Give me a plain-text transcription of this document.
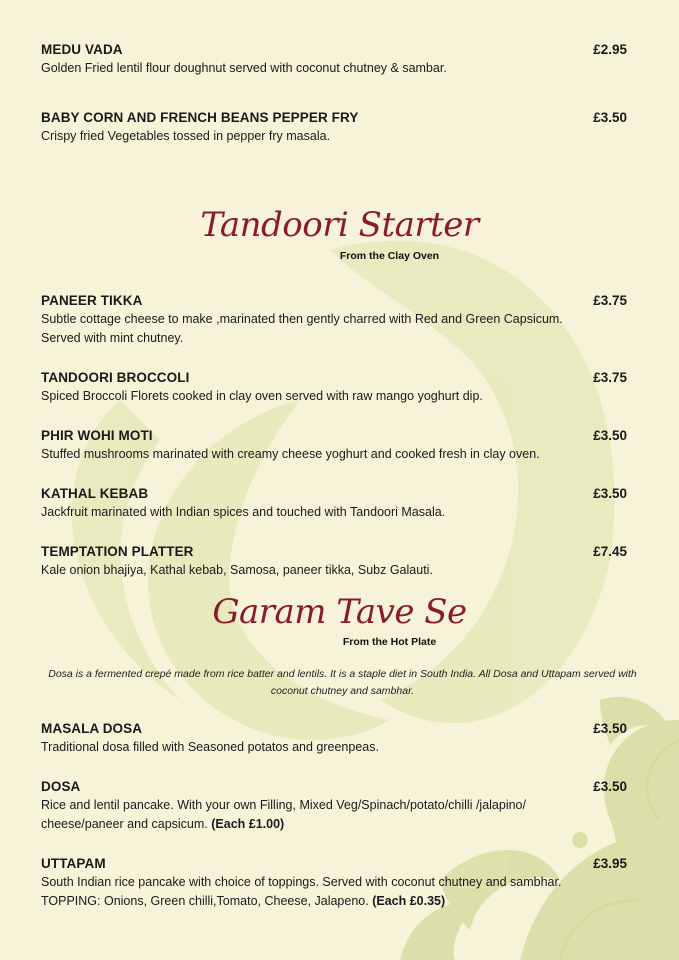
MEDU VADA	£2.95
Golden Fried lentil flour doughnut served with coconut chutney & sambar.
BABY CORN AND FRENCH BEANS PEPPER FRY	£3.50
Crispy fried Vegetables tossed in pepper fry masala.
Tandoori Starter
From the Clay Oven
PANEER TIKKA	£3.75
Subtle cottage cheese to make ,marinated then gently charred with Red and Green Capsicum.
Served with mint chutney.
TANDOORI BROCCOLI	£3.75
Spiced Broccoli Florets cooked in clay oven served with raw mango yoghurt dip.
PHIR WOHI MOTI	£3.50
Stuffed mushrooms marinated with creamy cheese yoghurt and cooked fresh in clay oven.
KATHAL KEBAB	£3.50
Jackfruit marinated with Indian spices and touched with Tandoori Masala.
TEMPTATION PLATTER	£7.45
Kale onion bhajiya, Kathal kebab, Samosa, paneer tikka, Subz Galauti.
Garam Tave Se
From the Hot Plate
Dosa is a fermented crepé made from rice batter and lentils. It is a staple diet in South India. All Dosa and Uttapam served with coconut chutney and sambhar.
MASALA DOSA	£3.50
Traditional dosa filled with Seasoned potatos and greenpeas.
DOSA	£3.50
Rice and lentil pancake. With your own Filling, Mixed Veg/Spinach/potato/chilli /jalapino/
cheese/paneer and capsicum. (Each £1.00)
UTTAPAM	£3.95
South Indian rice pancake with choice of toppings. Served with coconut chutney and sambhar.
TOPPING: Onions, Green chilli,Tomato, Cheese, Jalapeno. (Each £0.35)
